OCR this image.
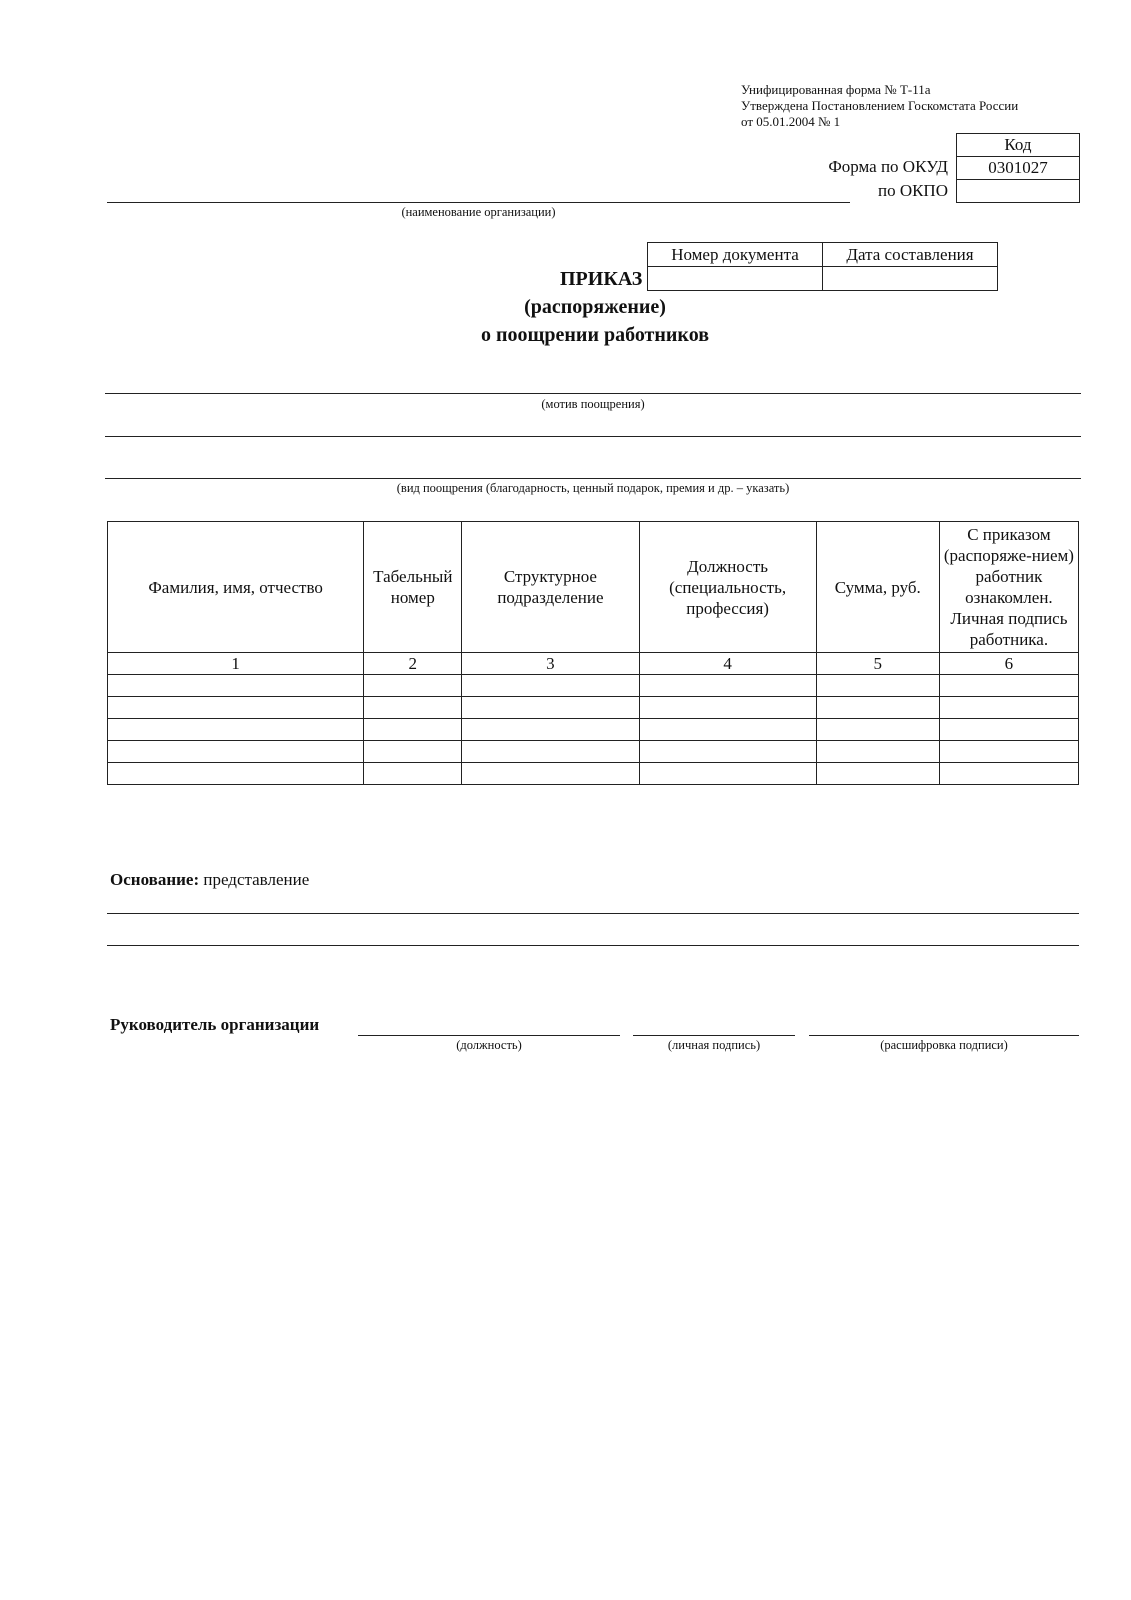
Унифицированная форма № Т-11а
Утверждена Постановлением Госкомстата России
от 05.01.2004 № 1
Форма по ОКУД
по ОКПО
Код
0301027

(наименование организации)
Номер документа	Дата составления

ПРИКАЗ
(распоряжение)
о поощрении работников
(мотив поощрения)
(вид поощрения (благодарность, ценный подарок, премия и др. – указать)
Фамилия, имя, отчество	Табельный номер	Структурное подразделение	Должность (специальность, профессия)	Сумма, руб.	С приказом (распоряже-нием) работник ознакомлен. Личная подпись работника.
1	2	3	4	5	6

Основание: представление
Руководитель организации
(должность)	(личная подпись)	(расшифровка подписи)
